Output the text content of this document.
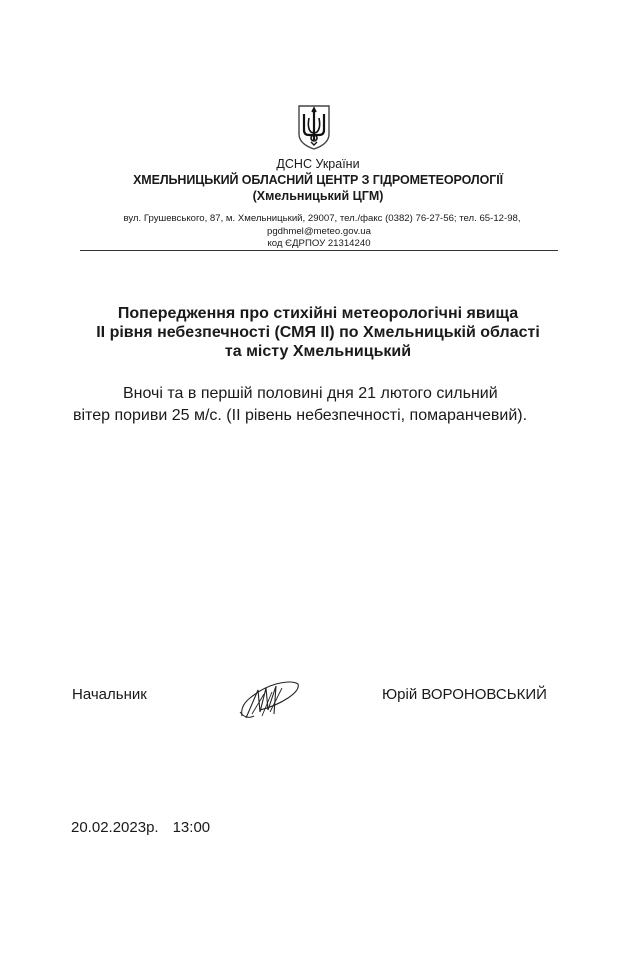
ДСНС України
ХМЕЛЬНИЦЬКИЙ ОБЛАСНИЙ ЦЕНТР З ГІДРОМЕТЕОРОЛОГІЇ
(Хмельницький ЦГМ)
вул. Грушевського, 87, м. Хмельницький, 29007, тел./факс (0382) 76-27-56; тел. 65-12-98,
pgdhmel@meteo.gov.ua
код ЄДРПОУ 21314240
Попередження про стихійні метеорологічні явища
ІІ рівня небезпечності (СМЯ ІІ) по Хмельницькій області
та місту Хмельницький
Вночі та в першій половині дня 21 лютого сильний
вітер пориви 25 м/с. (ІІ рівень небезпечності, помаранчевий).
Начальник	Юрій ВОРОНОВСЬКИЙ
20.02.2023р. 13:00
